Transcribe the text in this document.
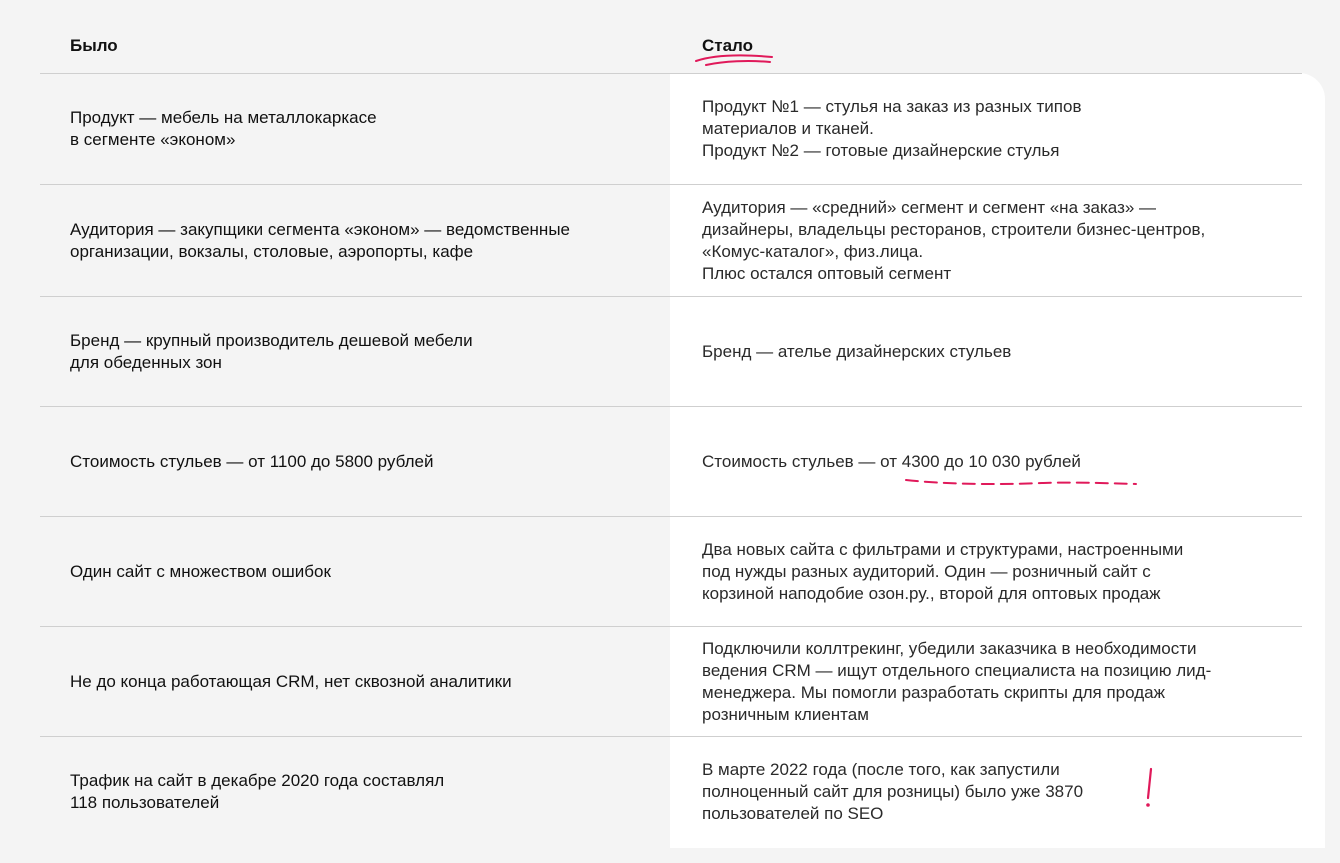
Было	Стало
Продукт — мебель на металлокаркасе
в сегменте «эконом»
Продукт №1 — стулья на заказ из разных типов
материалов и тканей.
Продукт №2 — готовые дизайнерские стулья
Аудитория — закупщики сегмента «эконом» — ведомственные
организации, вокзалы, столовые, аэропорты, кафе
Аудитория — «средний» сегмент и сегмент «на заказ» —
дизайнеры, владельцы ресторанов, строители бизнес-центров,
«Комус-каталог», физ.лица.
Плюс остался оптовый сегмент
Бренд — крупный производитель дешевой мебели
для обеденных зон
Бренд — ателье дизайнерских стульев
Стоимость стульев — от 1100 до 5800 рублей	Стоимость стульев — от 4300 до 10 030 рублей
Один сайт с множеством ошибок
Два новых сайта с фильтрами и структурами, настроенными
под нужды разных аудиторий. Один — розничный сайт с
корзиной наподобие озон.ру., второй для оптовых продаж
Не до конца работающая CRM, нет сквозной аналитики
Подключили коллтрекинг, убедили заказчика в необходимости
ведения CRM — ищут отдельного специалиста на позицию лид-
менеджера. Мы помогли разработать скрипты для продаж
розничным клиентам
Трафик на сайт в декабре 2020 года составлял
118 пользователей
В марте 2022 года (после того, как запустили
полноценный сайт для розницы) было уже 3870
пользователей по SEO
